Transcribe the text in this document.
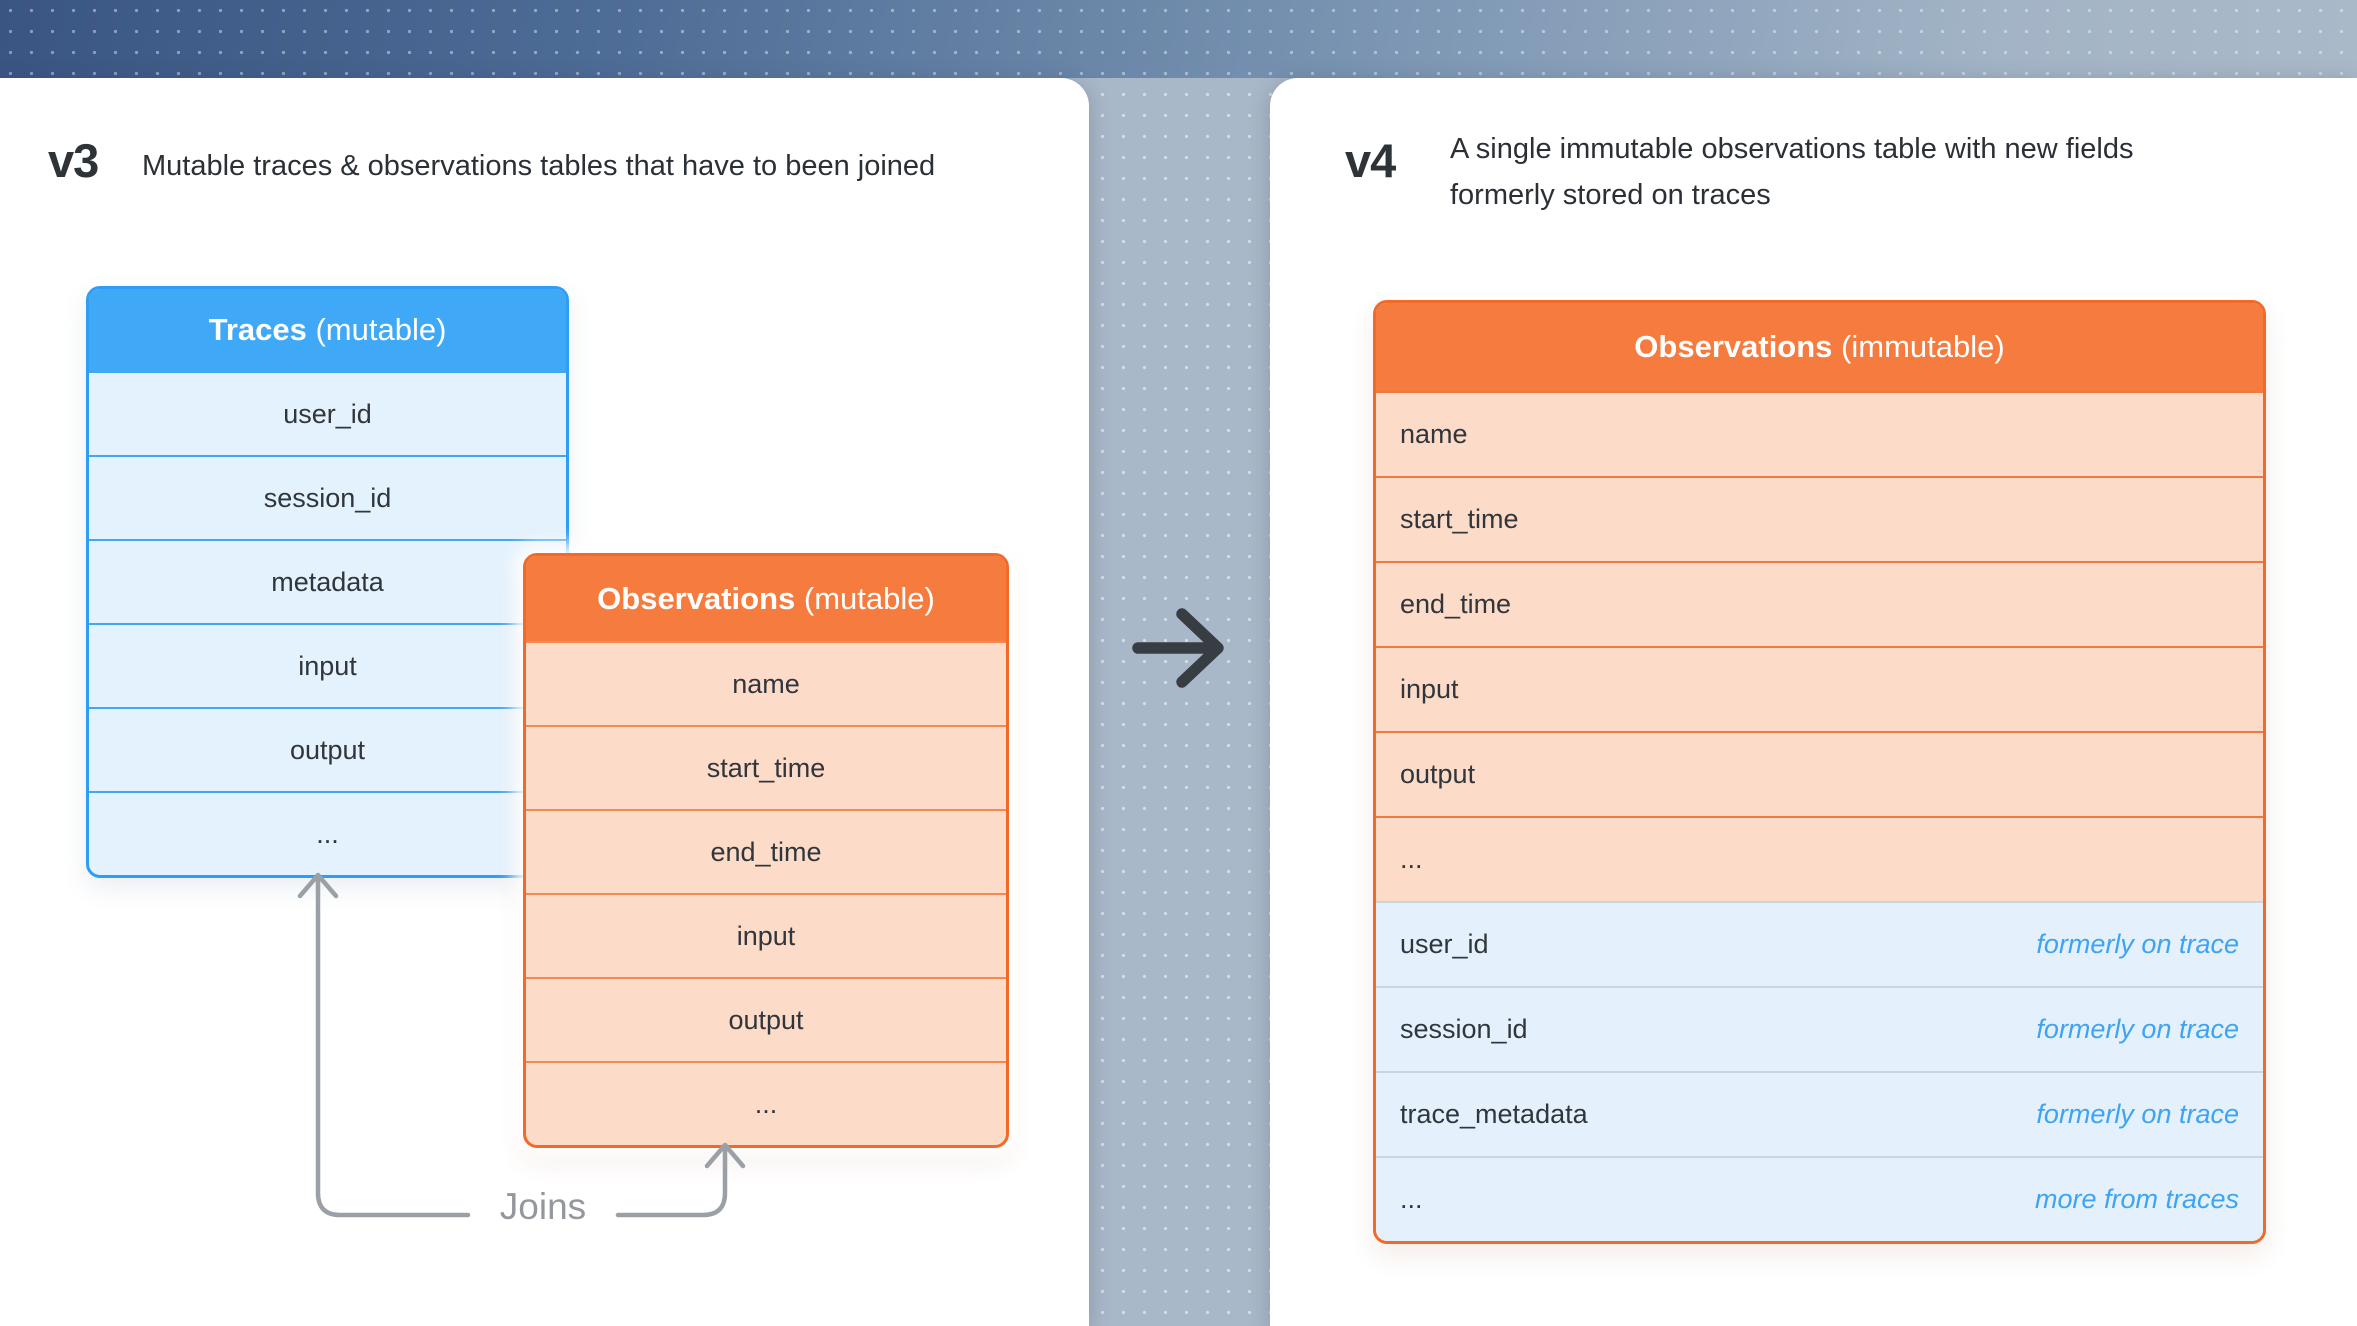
v3 Mutable traces & observations tables that have to been joined
Traces (mutable)
user_id
session_id
metadata
input
output
...
Observations (mutable)
name
start_time
end_time
input
output
...
Joins
v4 A single immutable observations table with new fields
formerly stored on traces
Observations (immutable)
name
start_time
end_time
input
output
...
user_id	formerly on trace
session_id	formerly on trace
trace_metadata	formerly on trace
...	more from traces
